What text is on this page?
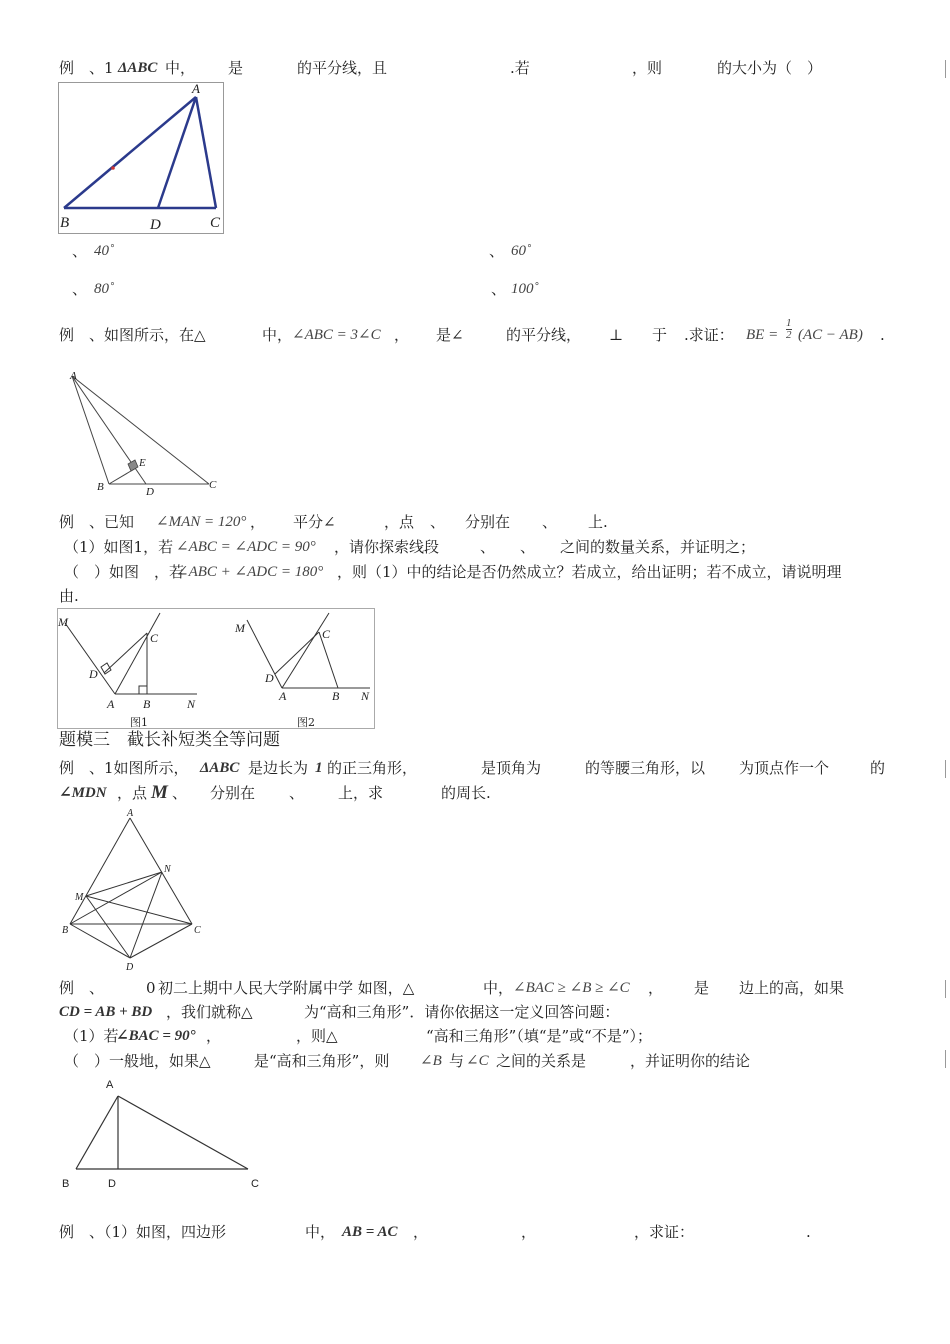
例　、1 ΔABC 中， 是	的平分线，且	.若	，则	的大小为（　）
A
B	D	C
、 40˚	、 60˚
、 80˚	、 100˚
例　、如图所示，在△	中， ∠ABC = 3∠C ， 是∠	的平分线， ⊥ 于 .求证： BE = $\frac{1}{2} (AC - AB)$ .
A
B	D
E
C
例　、已知 ∠MAN = 120° ， 平分∠	，点 、 分别在 、 上.
（1）如图1，若 ∠ABC = ∠ADC = 90° ，请你探索线段	、 、 之间的数量关系，并证明之；
（　）如图　，若
∠ABC + ∠ADC = 180° ，则（1）中的结论是否仍然成立？若成立，给出证明；若不成立，请说明理
由.
M
C
D
A B	N
图1
M	C
D
A	B N
图2
题模三　截长补短类全等问题
例　、1如图所示， ΔABC 是边长为 1 的正三角形，	是顶角为	的等腰三角形，以 为顶点作一个	的
∠MDN ，点 M 、 分别在 、 上，求	的周长.
A
M
N
B	C
D
例　、	0 初二上期中人民大学附属中学 如图，△	中， ∠BAC ≥ ∠B ≥ ∠C ， 是 边上的高，如果
CD = AB + BD ，我们就称△	为“高和三角形”．请你依据这一定义回答问题：
（1）若
∠BAC = 90° ，	，则△	“高和三角形”（填“是”或“不是”）；
（　）一般地，如果△	是“高和三角形”，则 ∠B 与 ∠C 之间的关系是	，并证明你的结论
A
B	D	C
例　、（1）如图，四边形	中， AB = AC ，	，	，求证：	.
